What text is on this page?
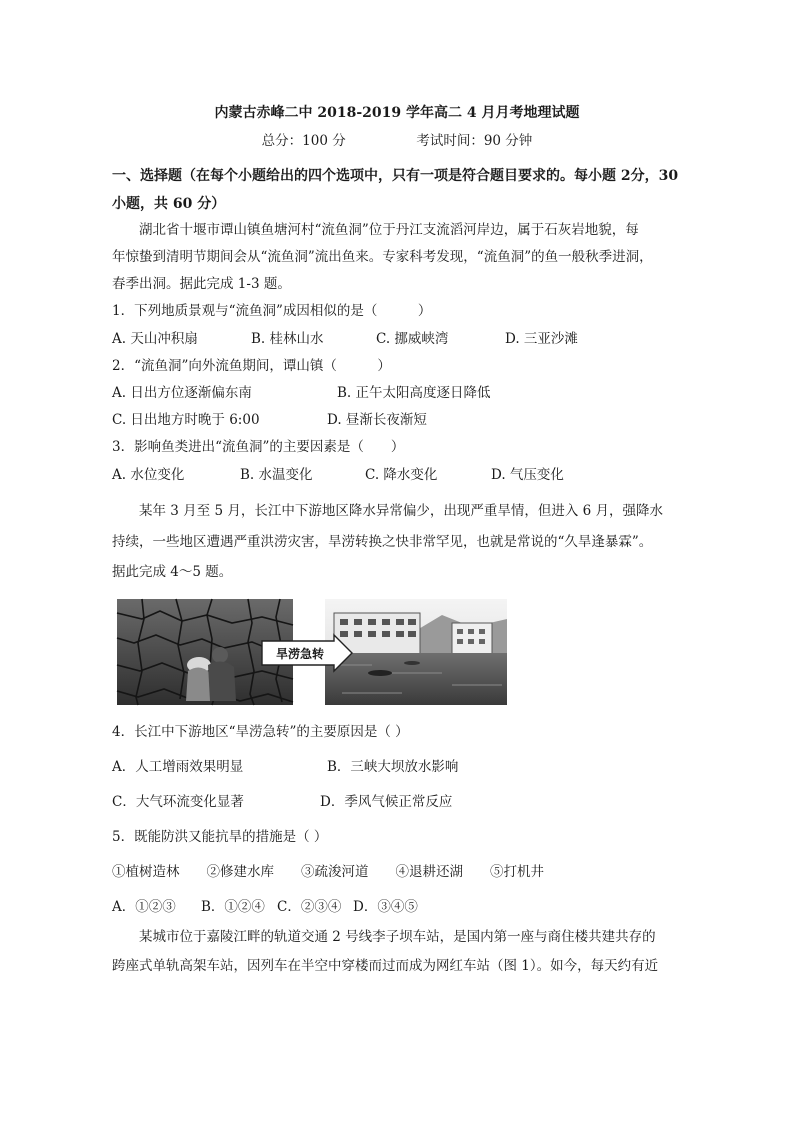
内蒙古赤峰二中 2018-2019 学年高二 4 月月考地理试题
总分：100 分	考试时间：90 分钟
一、选择题（在每个小题给出的四个选项中，只有一项是符合题目要求的。每小题 2分，30
小题，共 60 分）
湖北省十堰市谭山镇鱼塘河村“流鱼洞”位于丹江支流滔河岸边，属于石灰岩地貌，每
年惊蛰到清明节期间会从“流鱼洞”流出鱼来。专家科考发现，“流鱼洞”的鱼一般秋季进洞，
春季出洞。据此完成 1-3 题。
1．下列地质景观与“流鱼洞”成因相似的是（　　　）
A. 天山冲积扇	B. 桂林山水	C. 挪威峡湾	D. 三亚沙滩
2．“流鱼洞”向外流鱼期间，谭山镇（　　　）
A. 日出方位逐渐偏东南	B. 正午太阳高度逐日降低
C. 日出地方时晚于 6:00	D. 昼渐长夜渐短
3．影响鱼类进出“流鱼洞”的主要因素是（　　）
A. 水位变化	B. 水温变化	C. 降水变化	D. 气压变化
某年 3 月至 5 月，长江中下游地区降水异常偏少，出现严重旱情，但进入 6 月，强降水
持续，一些地区遭遇严重洪涝灾害，旱涝转换之快非常罕见，也就是常说的“久旱逢暴霖”。
据此完成 4～5 题。
旱涝急转
4．长江中下游地区“旱涝急转”的主要原因是（ ）
A．人工增雨效果明显	B．三峡大坝放水影响
C．大气环流变化显著	D．季风气候正常反应
5．既能防洪又能抗旱的措施是（ ）
①植树造林　　②修建水库　　③疏浚河道　　④退耕还湖　　⑤打机井
A．①②③ B．①②④ C．②③④ D．③④⑤
某城市位于嘉陵江畔的轨道交通 2 号线李子坝车站，是国内第一座与商住楼共建共存的
跨座式单轨高架车站，因列车在半空中穿楼而过而成为网红车站（图 1）。如今，每天约有近
